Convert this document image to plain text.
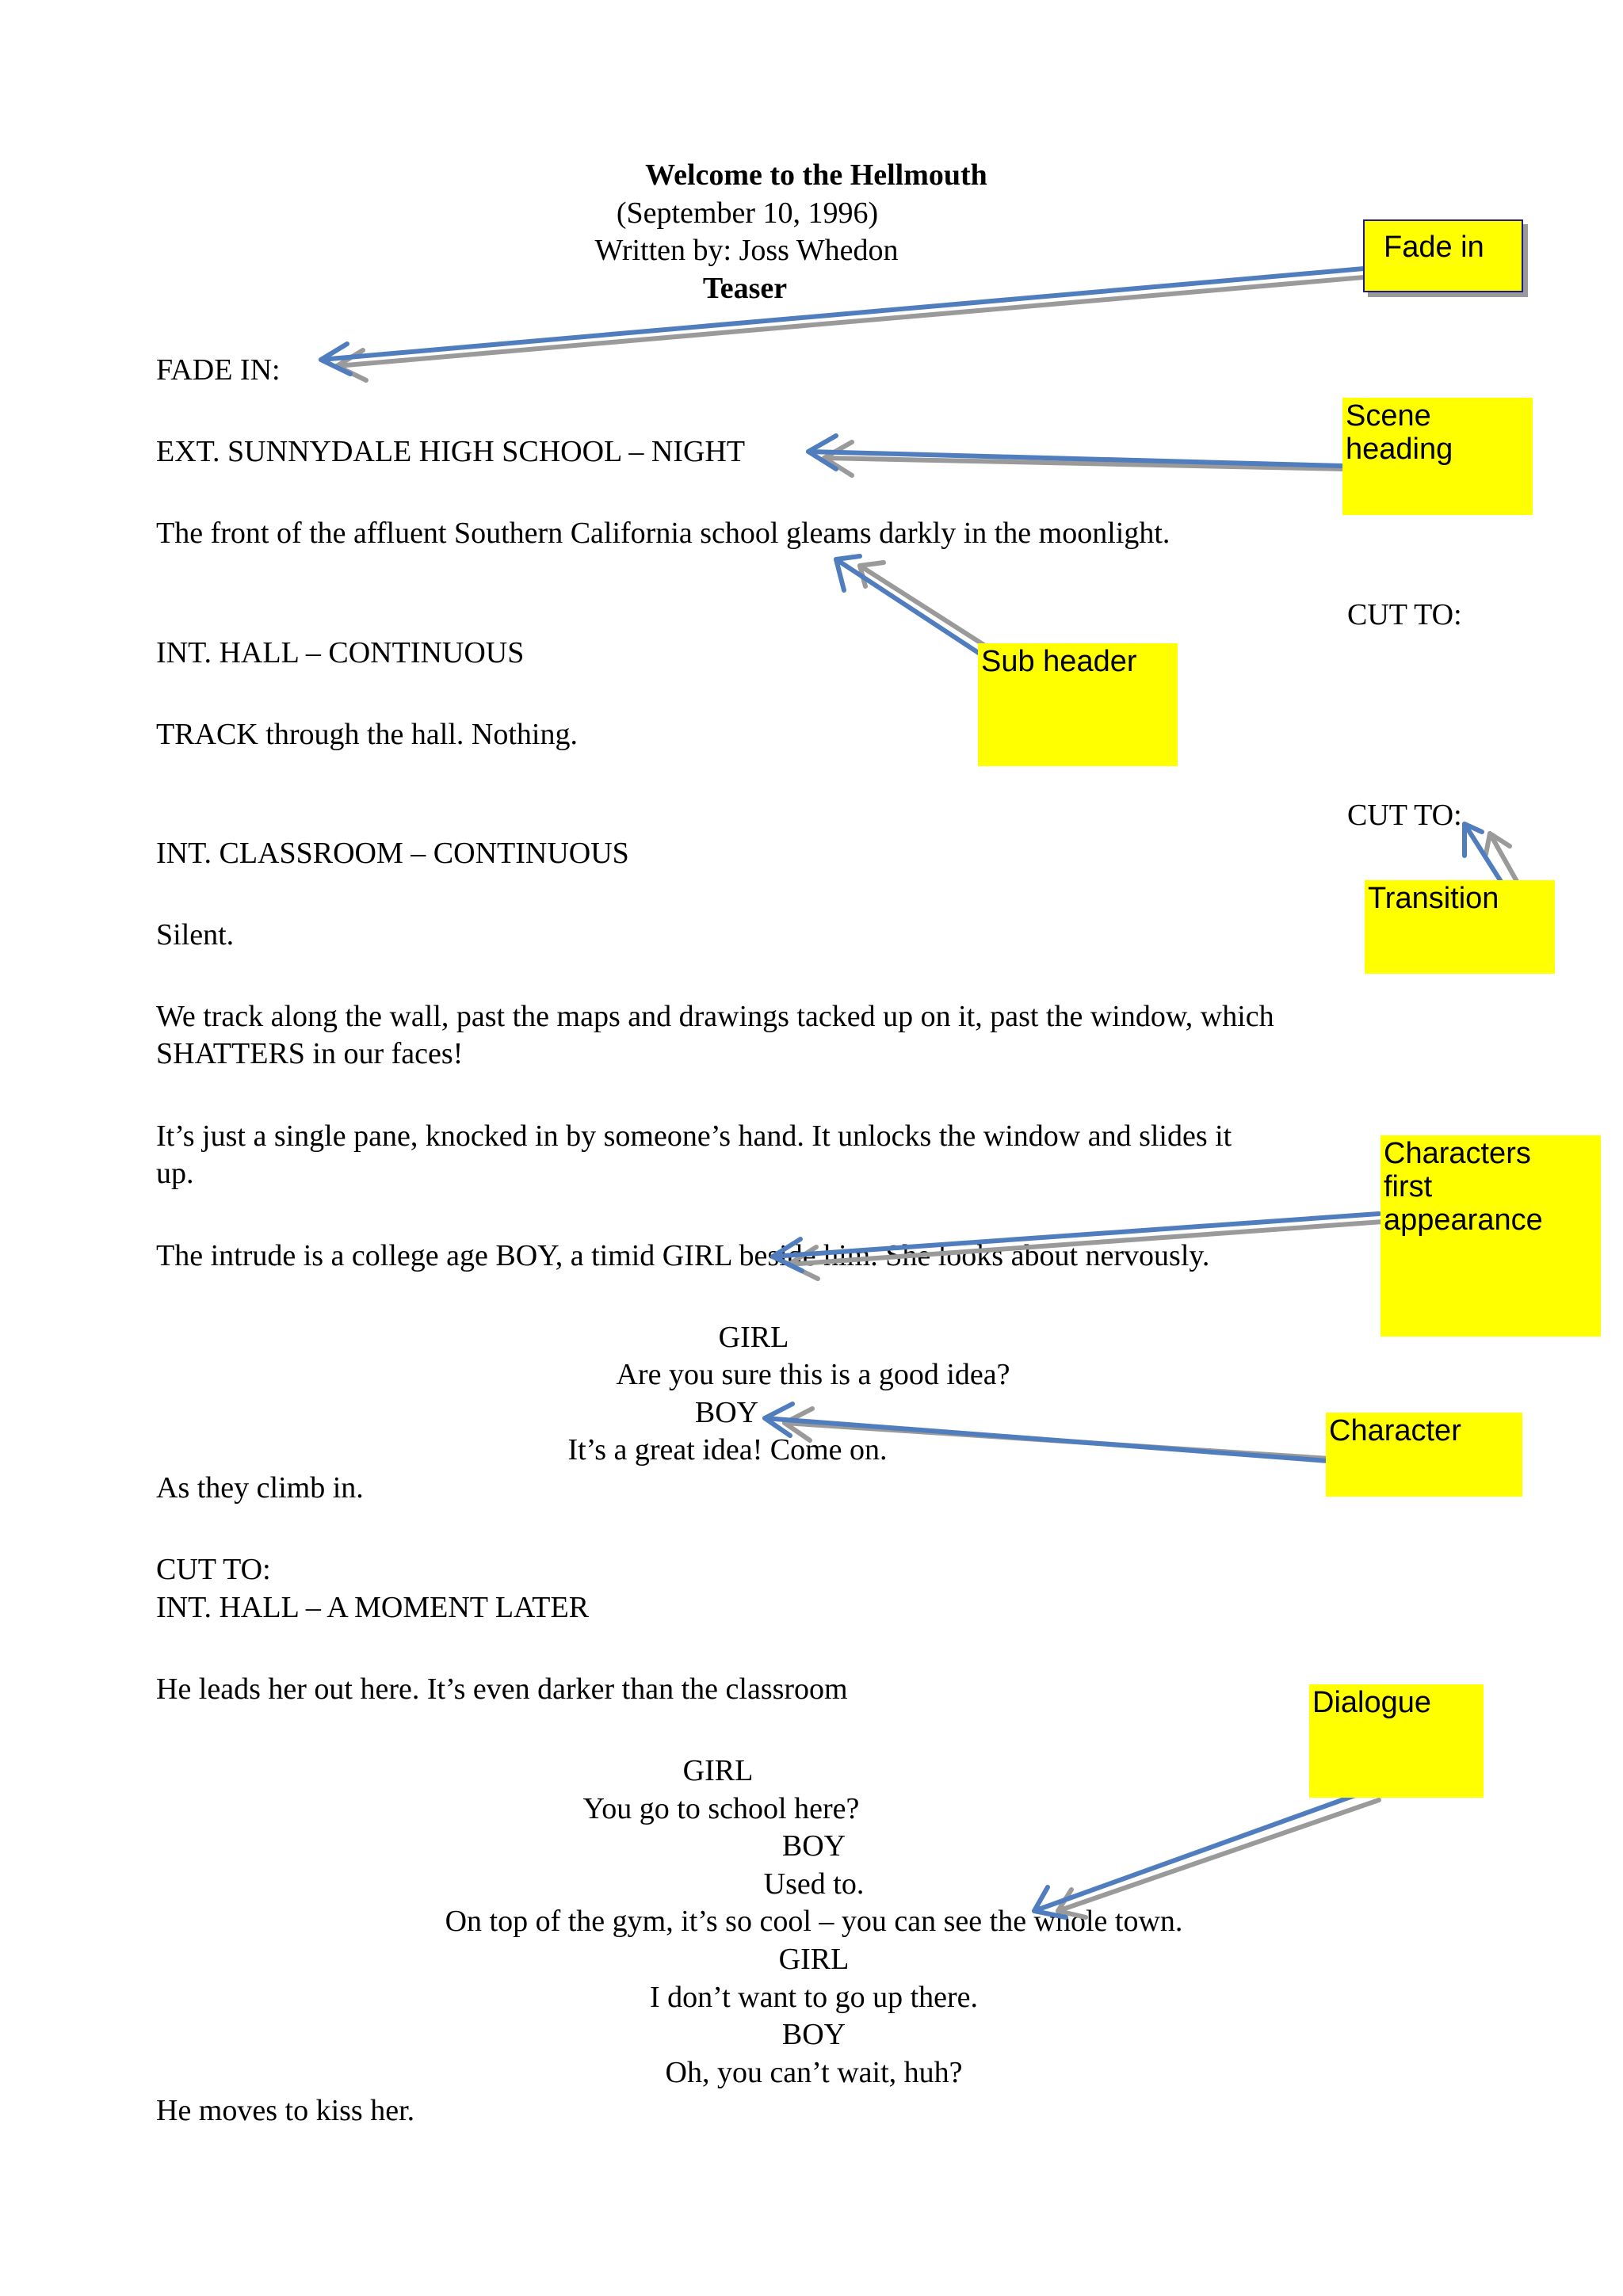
Welcome to the Hellmouth
(September 10, 1996)
Written by: Joss Whedon
Teaser
FADE IN:
EXT. SUNNYDALE HIGH SCHOOL – NIGHT
The front of the affluent Southern California school gleams darkly in the moonlight.
CUT TO:
INT. HALL – CONTINUOUS
TRACK through the hall. Nothing.
CUT TO:
INT. CLASSROOM – CONTINUOUS
Silent.
We track along the wall, past the maps and drawings tacked up on it, past the window, which
SHATTERS in our faces!
It’s just a single pane, knocked in by someone’s hand. It unlocks the window and slides it
up.
The intrude is a college age BOY, a timid GIRL beside him. She looks about nervously.
GIRL
Are you sure this is a good idea?
BOY
It’s a great idea! Come on.
As they climb in.
CUT TO:
INT. HALL – A MOMENT LATER
He leads her out here. It’s even darker than the classroom
GIRL
You go to school here?
BOY
Used to.
On top of the gym, it’s so cool – you can see the whole town.
GIRL
I don’t want to go up there.
BOY
Oh, you can’t wait, huh?
He moves to kiss her.
Fade in
Scene
heading
Sub header
Transition
Characters
first
appearance
Character
Dialogue
